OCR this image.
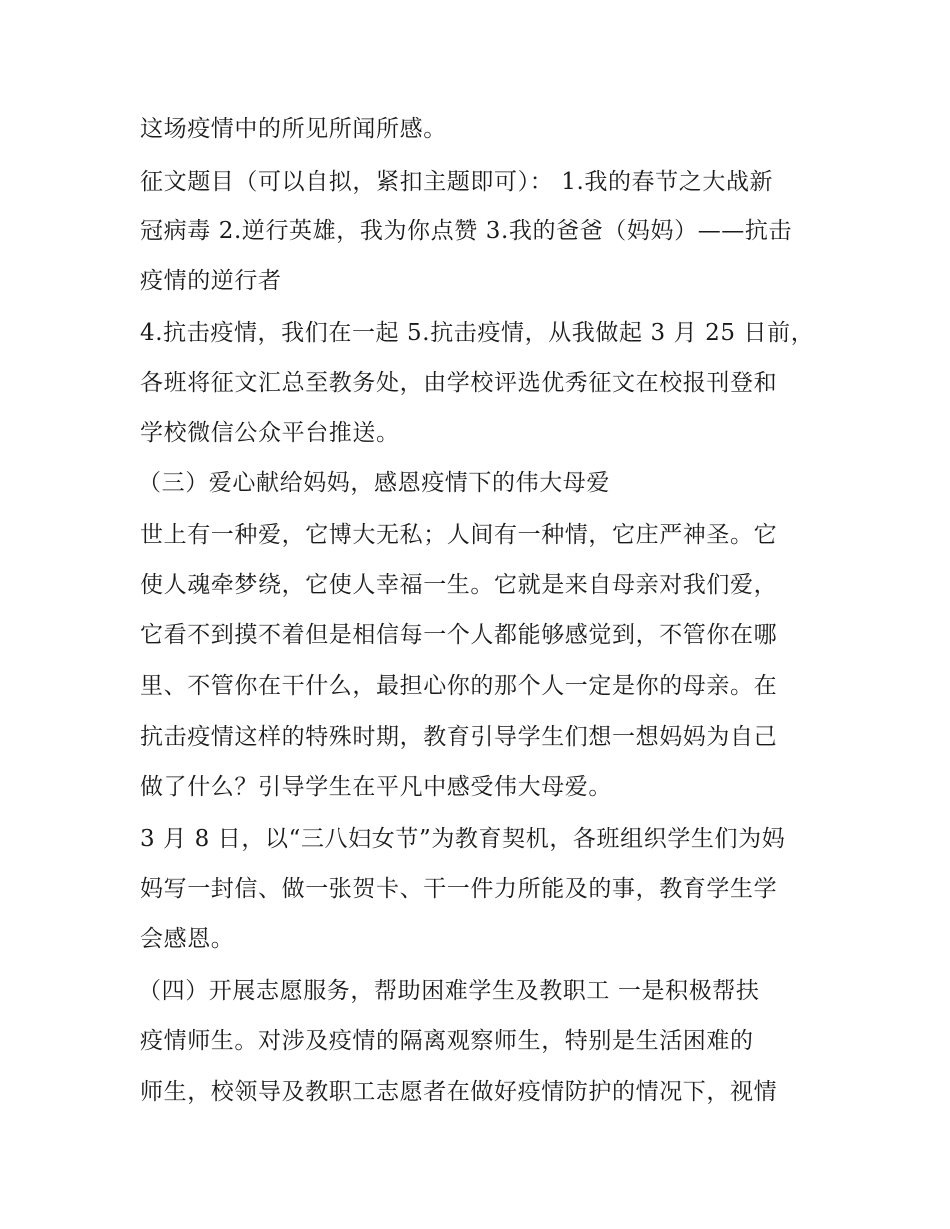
这场疫情中的所见所闻所感。
征文题目（可以自拟，紧扣主题即可）： 1.我的春节之大战新
冠病毒 2.逆行英雄，我为你点赞 3.我的爸爸（妈妈）——抗击
疫情的逆行者
4.抗击疫情，我们在一起 5.抗击疫情，从我做起 3 月 25 日前，
各班将征文汇总至教务处，由学校评选优秀征文在校报刊登和
学校微信公众平台推送。
（三）爱心献给妈妈，感恩疫情下的伟大母爱
世上有一种爱，它博大无私；人间有一种情，它庄严神圣。它
使人魂牵梦绕，它使人幸福一生。它就是来自母亲对我们爱，
它看不到摸不着但是相信每一个人都能够感觉到，不管你在哪
里、不管你在干什么，最担心你的那个人一定是你的母亲。在
抗击疫情这样的特殊时期，教育引导学生们想一想妈妈为自己
做了什么？引导学生在平凡中感受伟大母爱。
3 月 8 日，以“三八妇女节”为教育契机，各班组织学生们为妈
妈写一封信、做一张贺卡、干一件力所能及的事，教育学生学
会感恩。
（四）开展志愿服务，帮助困难学生及教职工 一是积极帮扶
疫情师生。对涉及疫情的隔离观察师生，特别是生活困难的
师生，校领导及教职工志愿者在做好疫情防护的情况下，视情
